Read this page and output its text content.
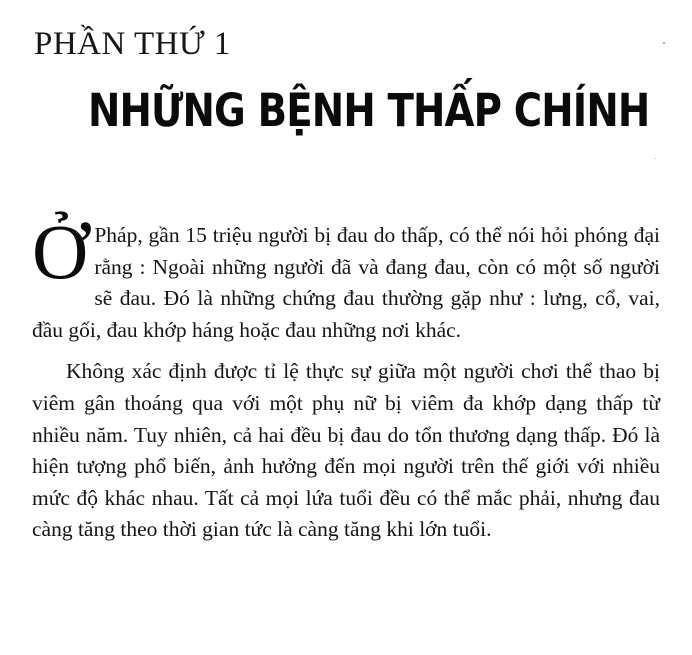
PHẦN THỨ 1
NHỮNG BỆNH THẤP CHÍNH

Ở Pháp, gần 15 triệu người bị đau do thấp, có thể nói hỏi phóng đại rằng : Ngoài những người đã và đang đau, còn có một số người sẽ đau. Đó là những chứng đau thường gặp như : lưng, cổ, vai, đầu gối, đau khớp háng hoặc đau những nơi khác.

Không xác định được tỉ lệ thực sự giữa một người chơi thể thao bị viêm gân thoáng qua với một phụ nữ bị viêm đa khớp dạng thấp từ nhiều năm. Tuy nhiên, cả hai đều bị đau do tổn thương dạng thấp. Đó là hiện tượng phổ biến, ảnh hưởng đến mọi người trên thế giới với nhiều mức độ khác nhau. Tất cả mọi lứa tuổi đều có thể mắc phải, nhưng đau càng tăng theo thời gian tức là càng tăng khi lớn tuổi.
